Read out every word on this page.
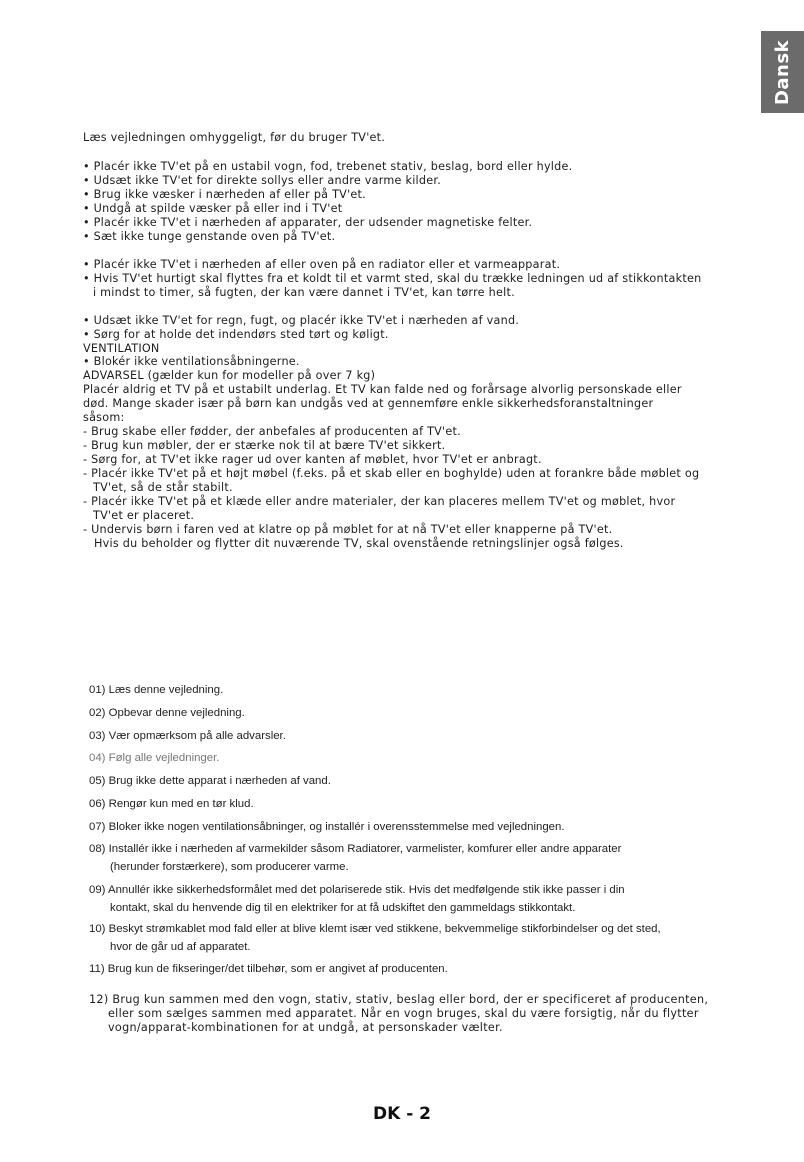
Dansk
Læs vejledningen omhyggeligt, før du bruger TV'et.
• Placér ikke TV'et på en ustabil vogn, fod, trebenet stativ, beslag, bord eller hylde.
• Udsæt ikke TV'et for direkte sollys eller andre varme kilder.
• Brug ikke væsker i nærheden af eller på TV'et.
• Undgå at spilde væsker på eller ind i TV'et
• Placér ikke TV'et i nærheden af apparater, der udsender magnetiske felter.
• Sæt ikke tunge genstande oven på TV'et.
• Placér ikke TV'et i nærheden af eller oven på en radiator eller et varmeapparat.
• Hvis TV'et hurtigt skal flyttes fra et koldt til et varmt sted, skal du trække ledningen ud af stikkontakten
i mindst to timer, så fugten, der kan være dannet i TV'et, kan tørre helt.
• Udsæt ikke TV'et for regn, fugt, og placér ikke TV'et i nærheden af vand.
• Sørg for at holde det indendørs sted tørt og køligt.
VENTILATION
• Blokér ikke ventilationsåbningerne.
ADVARSEL (gælder kun for modeller på over 7 kg)
Placér aldrig et TV på et ustabilt underlag. Et TV kan falde ned og forårsage alvorlig personskade eller
død. Mange skader især på børn kan undgås ved at gennemføre enkle sikkerhedsforanstaltninger
såsom:
- Brug skabe eller fødder, der anbefales af producenten af TV'et.
- Brug kun møbler, der er stærke nok til at bære TV'et sikkert.
- Sørg for, at TV'et ikke rager ud over kanten af møblet, hvor TV'et er anbragt.
- Placér ikke TV'et på et højt møbel (f.eks. på et skab eller en boghylde) uden at forankre både møblet og
TV'et, så de står stabilt.
- Placér ikke TV'et på et klæde eller andre materialer, der kan placeres mellem TV'et og møblet, hvor
TV'et er placeret.
- Undervis børn i faren ved at klatre op på møblet for at nå TV'et eller knapperne på TV'et.
Hvis du beholder og flytter dit nuværende TV, skal ovenstående retningslinjer også følges.
01) Læs denne vejledning.
02) Opbevar denne vejledning.
03) Vær opmærksom på alle advarsler.
04) Følg alle vejledninger.
05) Brug ikke dette apparat i nærheden af vand.
06) Rengør kun med en tør klud.
07) Bloker ikke nogen ventilationsåbninger, og installér i overensstemmelse med vejledningen.
08) Installér ikke i nærheden af varmekilder såsom Radiatorer, varmelister, komfurer eller andre apparater
(herunder forstærkere), som producerer varme.
09) Annullér ikke sikkerhedsformålet med det polariserede stik. Hvis det medfølgende stik ikke passer i din
kontakt, skal du henvende dig til en elektriker for at få udskiftet den gammeldags stikkontakt.
10) Beskyt strømkablet mod fald eller at blive klemt især ved stikkene, bekvemmelige stikforbindelser og det sted,
hvor de går ud af apparatet.
11) Brug kun de fikseringer/det tilbehør, som er angivet af producenten.
12) Brug kun sammen med den vogn, stativ, stativ, beslag eller bord, der er specificeret af producenten,
eller som sælges sammen med apparatet. Når en vogn bruges, skal du være forsigtig, når du flytter
vogn/apparat-kombinationen for at undgå, at personskader vælter.
DK - 2
